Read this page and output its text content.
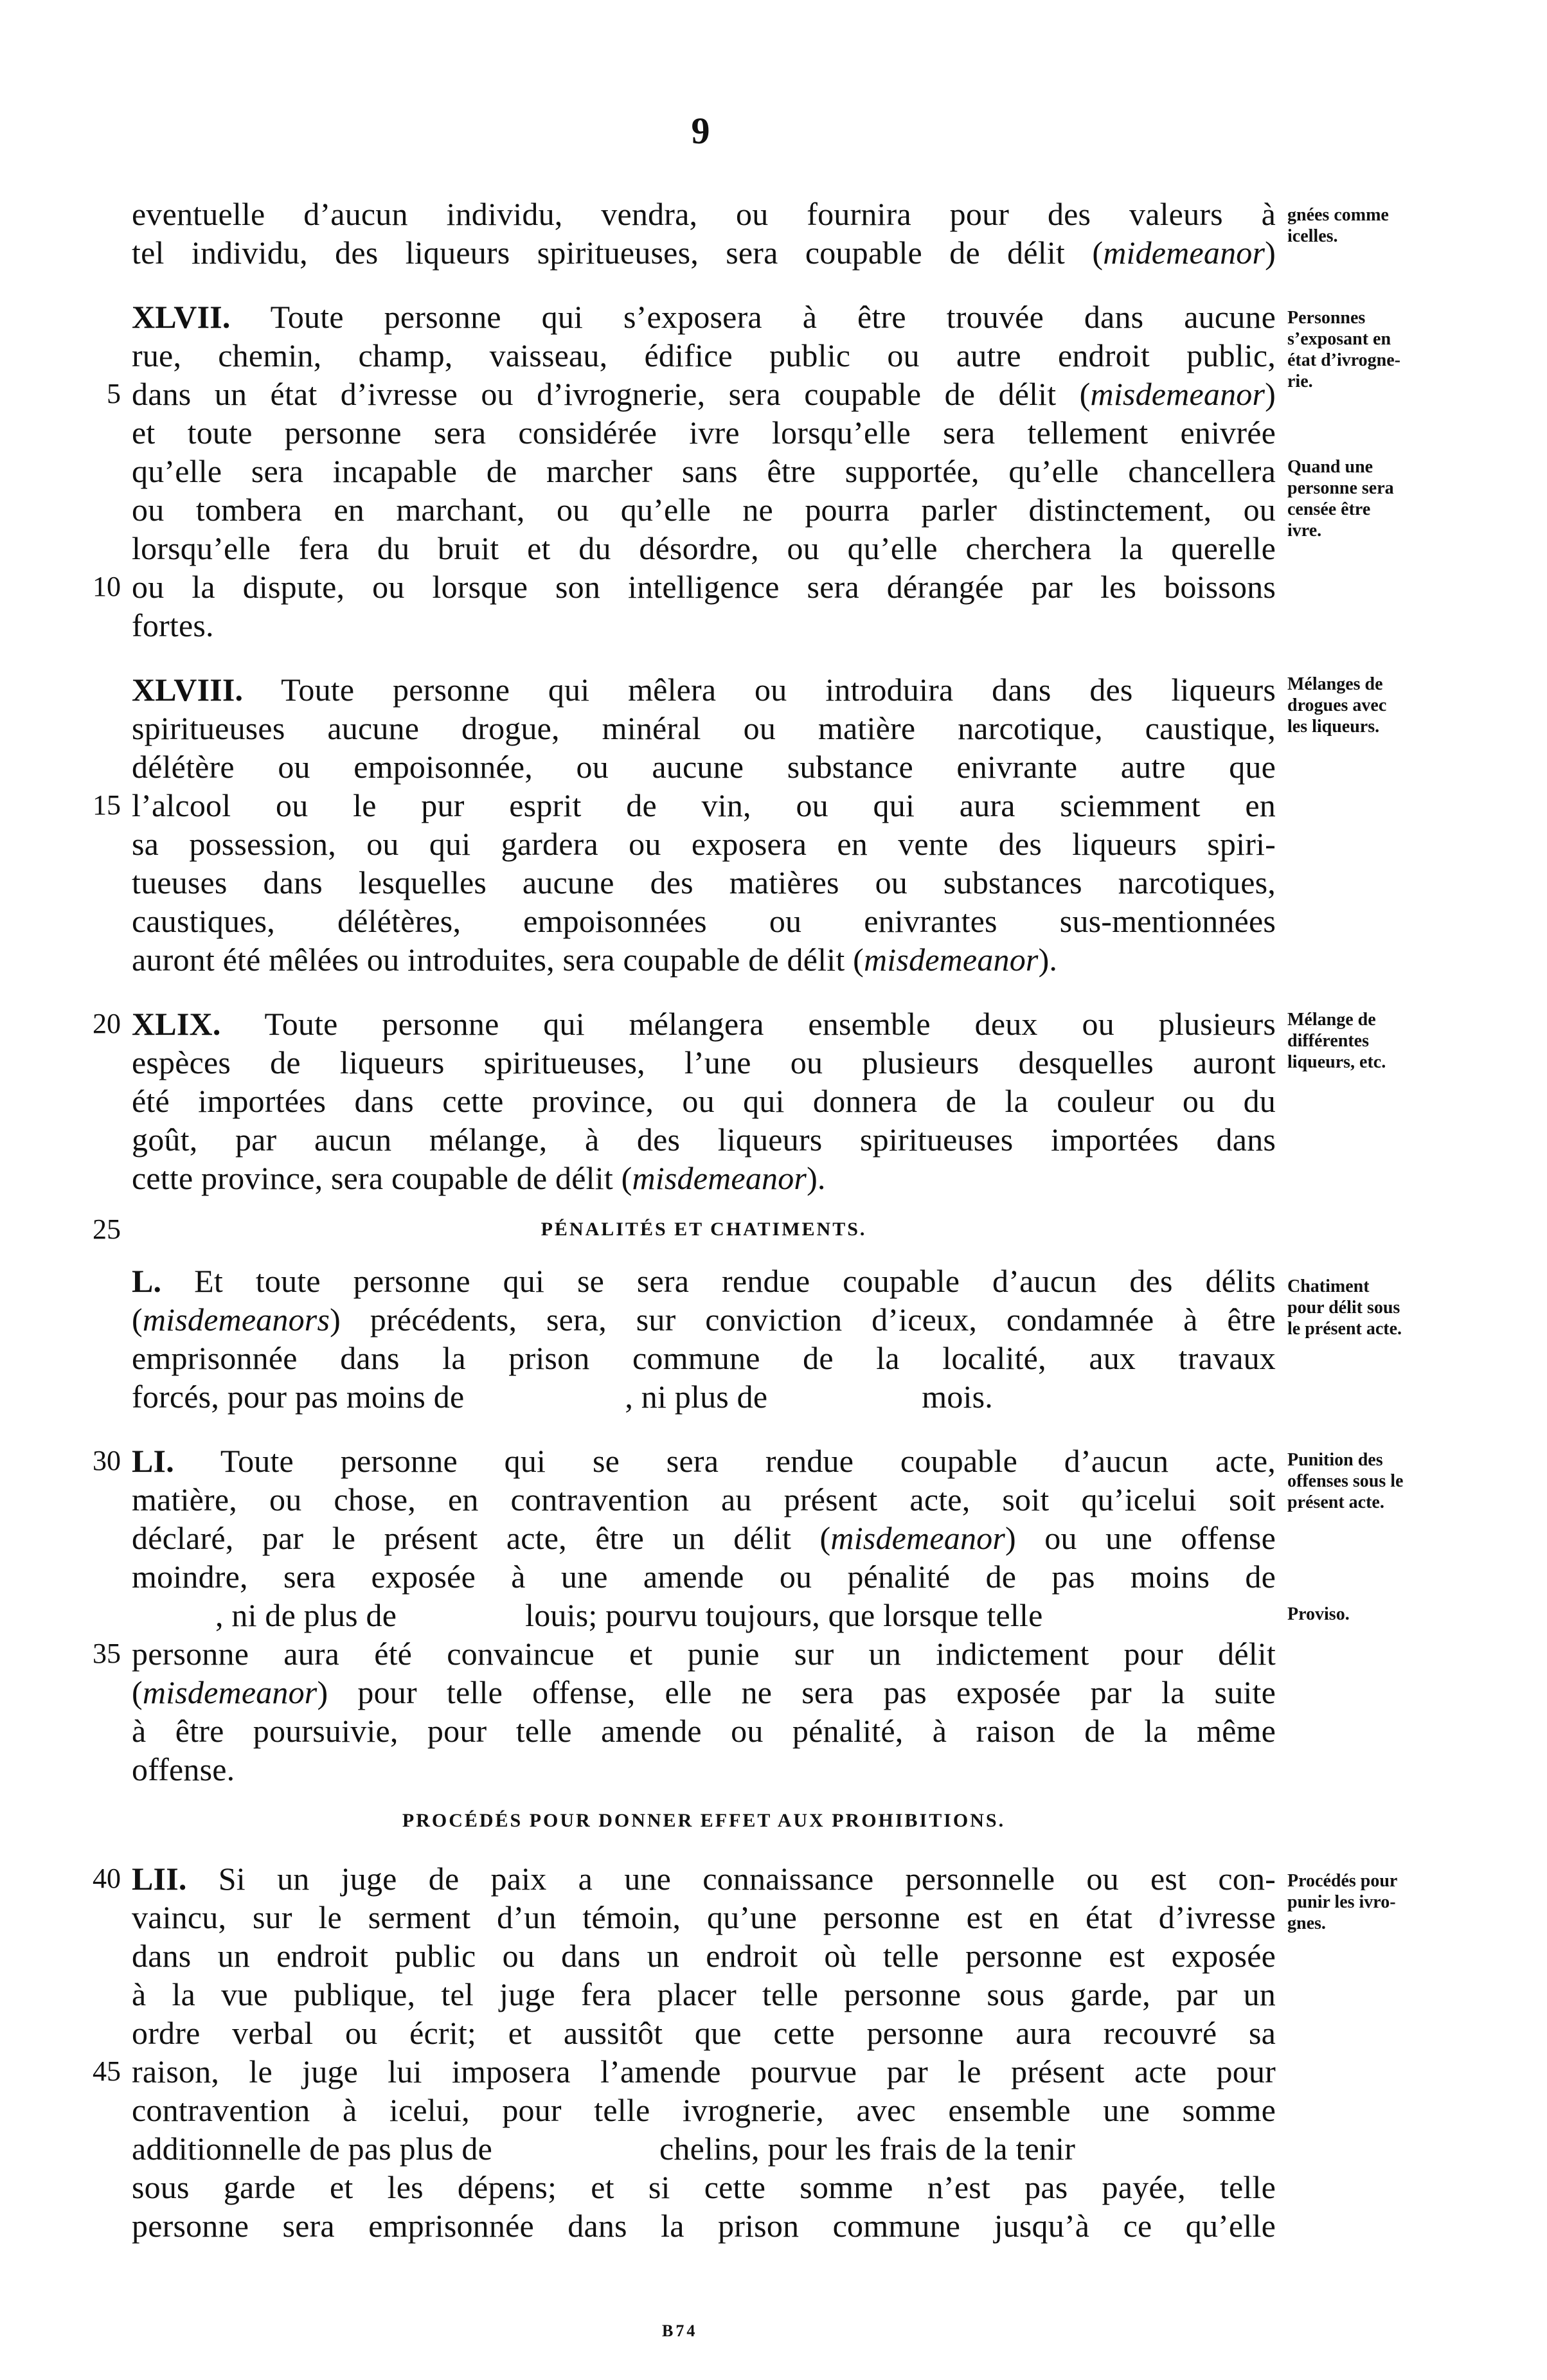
9
eventuelle d’aucun individu, vendra, ou fournira pour des valeurs à
tel individu, des liqueurs spiritueuses, sera coupable de délit (midemeanor)
XLVII. Toute personne qui s’exposera à être trouvée dans aucune
rue, chemin, champ, vaisseau, édifice public ou autre endroit public,
dans un état d’ivresse ou d’ivrognerie, sera coupable de délit (misdemeanor)
et toute personne sera considérée ivre lorsqu’elle sera tellement enivrée
qu’elle sera incapable de marcher sans être supportée, qu’elle chancellera
ou tombera en marchant, ou qu’elle ne pourra parler distinctement, ou
lorsqu’elle fera du bruit et du désordre, ou qu’elle cherchera la querelle
ou la dispute, ou lorsque son intelligence sera dérangée par les boissons
fortes.
XLVIII. Toute personne qui mêlera ou introduira dans des liqueurs
spiritueuses aucune drogue, minéral ou matière narcotique, caustique,
délétère ou empoisonnée, ou aucune substance enivrante autre que
l’alcool ou le pur esprit de vin, ou qui aura sciemment en
sa possession, ou qui gardera ou exposera en vente des liqueurs spiri-
tueuses dans lesquelles aucune des matières ou substances narcotiques,
caustiques, délétères, empoisonnées ou enivrantes sus-mentionnées
auront été mêlées ou introduites, sera coupable de délit (misdemeanor).
XLIX. Toute personne qui mélangera ensemble deux ou plusieurs
espèces de liqueurs spiritueuses, l’une ou plusieurs desquelles auront
été importées dans cette province, ou qui donnera de la couleur ou du
goût, par aucun mélange, à des liqueurs spiritueuses importées dans
cette province, sera coupable de délit (misdemeanor).
PÉNALITÉS ET CHATIMENTS.
L. Et toute personne qui se sera rendue coupable d’aucun des délits
(misdemeanors) précédents, sera, sur conviction d’iceux, condamnée à être
emprisonnée dans la prison commune de la localité, aux travaux
forcés, pour pas moins de	, ni plus de	mois.
LI. Toute personne qui se sera rendue coupable d’aucun acte,
matière, ou chose, en contravention au présent acte, soit qu’icelui soit
déclaré, par le présent acte, être un délit (misdemeanor) ou une offense
moindre, sera exposée à une amende ou pénalité de pas moins de
, ni de plus de	louis; pourvu toujours, que lorsque telle
personne aura été convaincue et punie sur un indictement pour délit
(misdemeanor) pour telle offense, elle ne sera pas exposée par la suite
à être poursuivie, pour telle amende ou pénalité, à raison de la même
offense.
PROCÉDÉS POUR DONNER EFFET AUX PROHIBITIONS.
LII. Si un juge de paix a une connaissance personnelle ou est con-
vaincu, sur le serment d’un témoin, qu’une personne est en état d’ivresse
dans un endroit public ou dans un endroit où telle personne est exposée
à la vue publique, tel juge fera placer telle personne sous garde, par un
ordre verbal ou écrit; et aussitôt que cette personne aura recouvré sa
raison, le juge lui imposera l’amende pourvue par le présent acte pour
contravention à icelui, pour telle ivrognerie, avec ensemble une somme
additionnelle de pas plus de	chelins, pour les frais de la tenir
sous garde et les dépens; et si cette somme n’est pas payée, telle
personne sera emprisonnée dans la prison commune jusqu’à ce qu’elle
5
10
15
20
25
30
35
40
45
gnées comme
icelles.
Personnes
s’exposant en
état d’ivrogne-
rie.
Quand une
personne sera
censée être
ivre.
Mélanges de
drogues avec
les liqueurs.
Mélange de
différentes
liqueurs, etc.
Chatiment
pour délit sous
le présent acte.
Punition des
offenses sous le
présent acte.
Proviso.
Procédés pour
punir les ivro-
gnes.
B74
